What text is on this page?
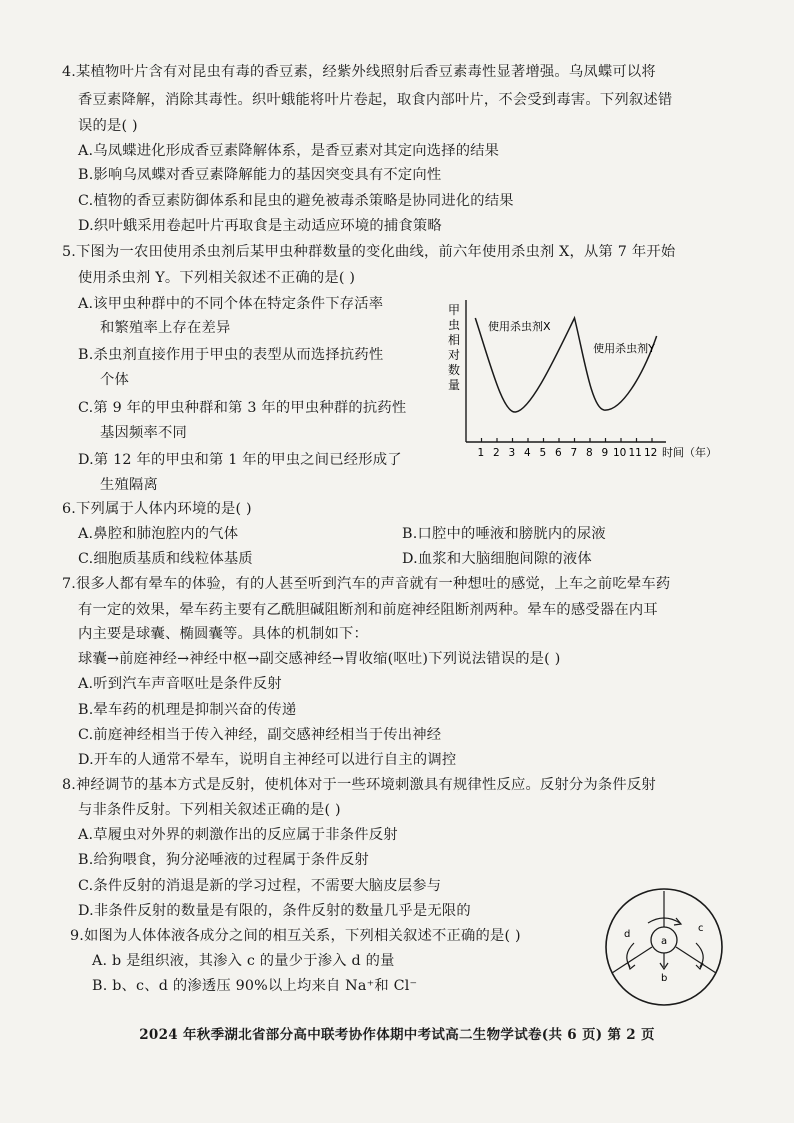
4.某植物叶片含有对昆虫有毒的香豆素，经紫外线照射后香豆素毒性显著增强。乌凤蝶可以将
香豆素降解，消除其毒性。织叶蛾能将叶片卷起，取食内部叶片，不会受到毒害。下列叙述错
误的是( )
A.乌凤蝶进化形成香豆素降解体系，是香豆素对其定向选择的结果
B.影响乌凤蝶对香豆素降解能力的基因突变具有不定向性
C.植物的香豆素防御体系和昆虫的避免被毒杀策略是协同进化的结果
D.织叶蛾采用卷起叶片再取食是主动适应环境的捕食策略
5.下图为一农田使用杀虫剂后某甲虫种群数量的变化曲线，前六年使用杀虫剂 X，从第 7 年开始
使用杀虫剂 Y。下列相关叙述不正确的是( )
A.该甲虫种群中的不同个体在特定条件下存活率
和繁殖率上存在差异
B.杀虫剂直接作用于甲虫的表型从而选择抗药性
个体
C.第 9 年的甲虫种群和第 3 年的甲虫种群的抗药性
基因频率不同
D.第 12 年的甲虫和第 1 年的甲虫之间已经形成了
生殖隔离
甲
虫
相
对
数
量
1 2 3 4 5 6 7 8 9 10 11 12 时间（年）
使用杀虫剂X
使用杀虫剂Y
6.下列属于人体内环境的是( )
A.鼻腔和肺泡腔内的气体	B.口腔中的唾液和膀胱内的尿液
C.细胞质基质和线粒体基质	D.血浆和大脑细胞间隙的液体
7.很多人都有晕车的体验，有的人甚至听到汽车的声音就有一种想吐的感觉，上车之前吃晕车药
有一定的效果，晕车药主要有乙酰胆碱阻断剂和前庭神经阻断剂两种。晕车的感受器在内耳
内主要是球囊、椭圆囊等。具体的机制如下：
球囊→前庭神经→神经中枢→副交感神经→胃收缩(呕吐)下列说法错误的是( )
A.听到汽车声音呕吐是条件反射
B.晕车药的机理是抑制兴奋的传递
C.前庭神经相当于传入神经，副交感神经相当于传出神经
D.开车的人通常不晕车，说明自主神经可以进行自主的调控
8.神经调节的基本方式是反射，使机体对于一些环境刺激具有规律性反应。反射分为条件反射
与非条件反射。下列相关叙述正确的是( )
A.草履虫对外界的刺激作出的反应属于非条件反射
B.给狗喂食，狗分泌唾液的过程属于条件反射
C.条件反射的消退是新的学习过程，不需要大脑皮层参与
D.非条件反射的数量是有限的，条件反射的数量几乎是无限的
9.如图为人体体液各成分之间的相互关系，下列相关叙述不正确的是( )
A. b 是组织液，其渗入 c 的量少于渗入 d 的量
B. b、c、d 的渗透压 90%以上均来自 Na⁺和 Cl⁻
a
b
c
d
2024 年秋季湖北省部分高中联考协作体期中考试高二生物学试卷(共 6 页) 第 2 页
